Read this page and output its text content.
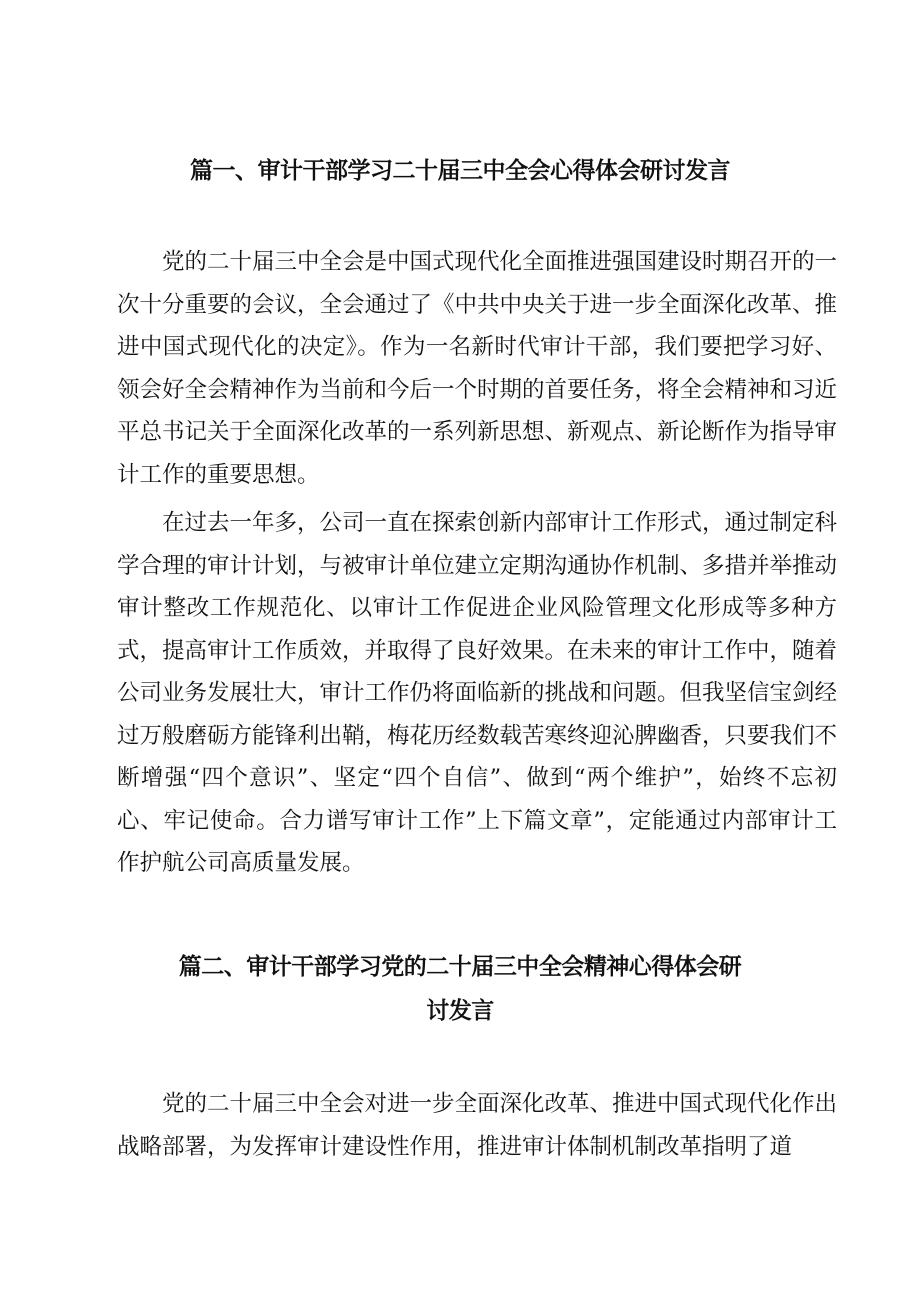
篇一、审计干部学习二十届三中全会心得体会研讨发言

党的二十届三中全会是中国式现代化全面推进强国建设时期召开的一次十分重要的会议，全会通过了《中共中央关于进一步全面深化改革、推进中国式现代化的决定》。作为一名新时代审计干部，我们要把学习好、领会好全会精神作为当前和今后一个时期的首要任务，将全会精神和习近平总书记关于全面深化改革的一系列新思想、新观点、新论断作为指导审计工作的重要思想。

在过去一年多，公司一直在探索创新内部审计工作形式，通过制定科学合理的审计计划，与被审计单位建立定期沟通协作机制、多措并举推动审计整改工作规范化、以审计工作促进企业风险管理文化形成等多种方式，提高审计工作质效，并取得了良好效果。在未来的审计工作中，随着公司业务发展壮大，审计工作仍将面临新的挑战和问题。但我坚信宝剑经过万般磨砺方能锋利出鞘，梅花历经数载苦寒终迎沁脾幽香，只要我们不断增强“四个意识”、坚定“四个自信”、做到“两个维护”，始终不忘初心、牢记使命。合力谱写审计工作”上下篇文章”，定能通过内部审计工作护航公司高质量发展。

篇二、审计干部学习党的二十届三中全会精神心得体会研
讨发言

党的二十届三中全会对进一步全面深化改革、推进中国式现代化作出战略部署，为发挥审计建设性作用，推进审计体制机制改革指明了道
